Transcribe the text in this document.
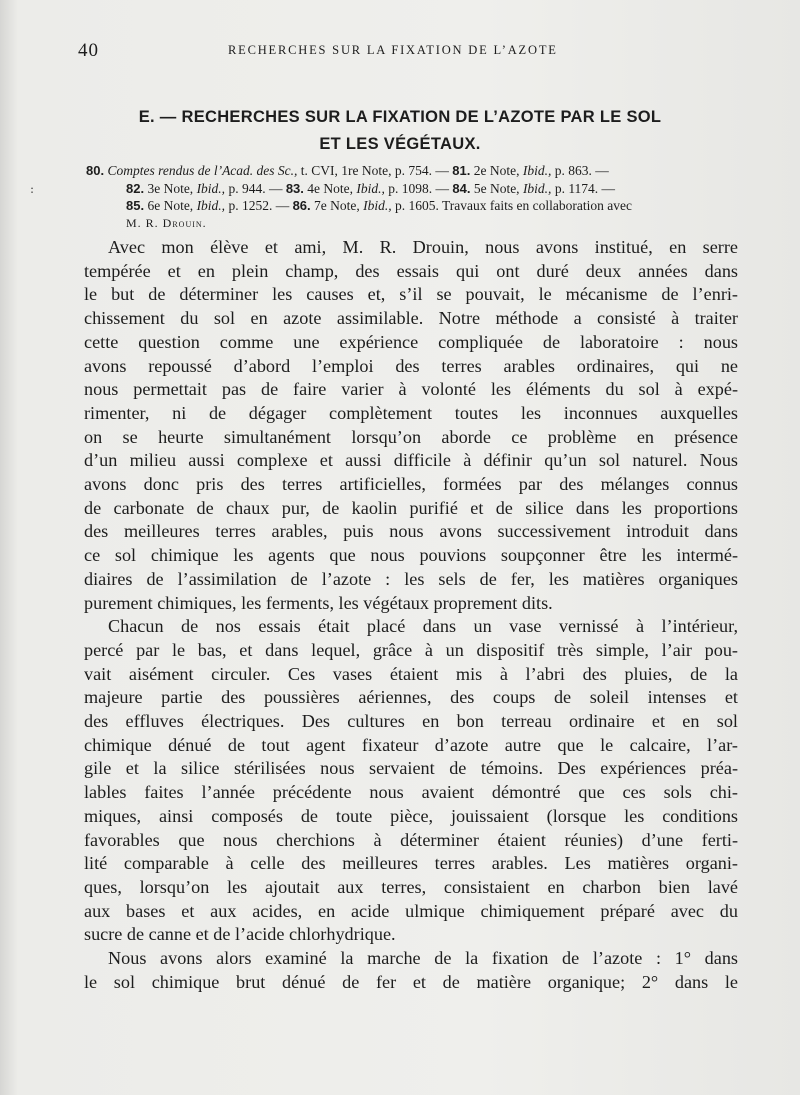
40	RECHERCHES SUR LA FIXATION DE L’AZOTE
:
E. — RECHERCHES SUR LA FIXATION DE L’AZOTE PAR LE SOL
ET LES VÉGÉTAUX.
80. Comptes rendus de l’Acad. des Sc., t. CVI, 1re Note, p. 754. — 81. 2e Note, Ibid., p. 863. —
82. 3e Note, Ibid., p. 944. — 83. 4e Note, Ibid., p. 1098. — 84. 5e Note, Ibid., p. 1174. —
85. 6e Note, Ibid., p. 1252. — 86. 7e Note, Ibid., p. 1605. Travaux faits en collaboration avec
M. R. Drouin.
Avec mon élève et ami, M. R. Drouin, nous avons institué, en serre
tempérée et en plein champ, des essais qui ont duré deux années dans
le but de déterminer les causes et, s’il se pouvait, le mécanisme de l’enri-
chissement du sol en azote assimilable. Notre méthode a consisté à traiter
cette question comme une expérience compliquée de laboratoire : nous
avons repoussé d’abord l’emploi des terres arables ordinaires, qui ne
nous permettait pas de faire varier à volonté les éléments du sol à expé-
rimenter, ni de dégager complètement toutes les inconnues auxquelles
on se heurte simultanément lorsqu’on aborde ce problème en présence
d’un milieu aussi complexe et aussi difficile à définir qu’un sol naturel. Nous
avons donc pris des terres artificielles, formées par des mélanges connus
de carbonate de chaux pur, de kaolin purifié et de silice dans les proportions
des meilleures terres arables, puis nous avons successivement introduit dans
ce sol chimique les agents que nous pouvions soupçonner être les intermé-
diaires de l’assimilation de l’azote : les sels de fer, les matières organiques
purement chimiques, les ferments, les végétaux proprement dits.
Chacun de nos essais était placé dans un vase vernissé à l’intérieur,
percé par le bas, et dans lequel, grâce à un dispositif très simple, l’air pou-
vait aisément circuler. Ces vases étaient mis à l’abri des pluies, de la
majeure partie des poussières aériennes, des coups de soleil intenses et
des effluves électriques. Des cultures en bon terreau ordinaire et en sol
chimique dénué de tout agent fixateur d’azote autre que le calcaire, l’ar-
gile et la silice stérilisées nous servaient de témoins. Des expériences préa-
lables faites l’année précédente nous avaient démontré que ces sols chi-
miques, ainsi composés de toute pièce, jouissaient (lorsque les conditions
favorables que nous cherchions à déterminer étaient réunies) d’une ferti-
lité comparable à celle des meilleures terres arables. Les matières organi-
ques, lorsqu’on les ajoutait aux terres, consistaient en charbon bien lavé
aux bases et aux acides, en acide ulmique chimiquement préparé avec du
sucre de canne et de l’acide chlorhydrique.
Nous avons alors examiné la marche de la fixation de l’azote : 1° dans
le sol chimique brut dénué de fer et de matière organique; 2° dans le
